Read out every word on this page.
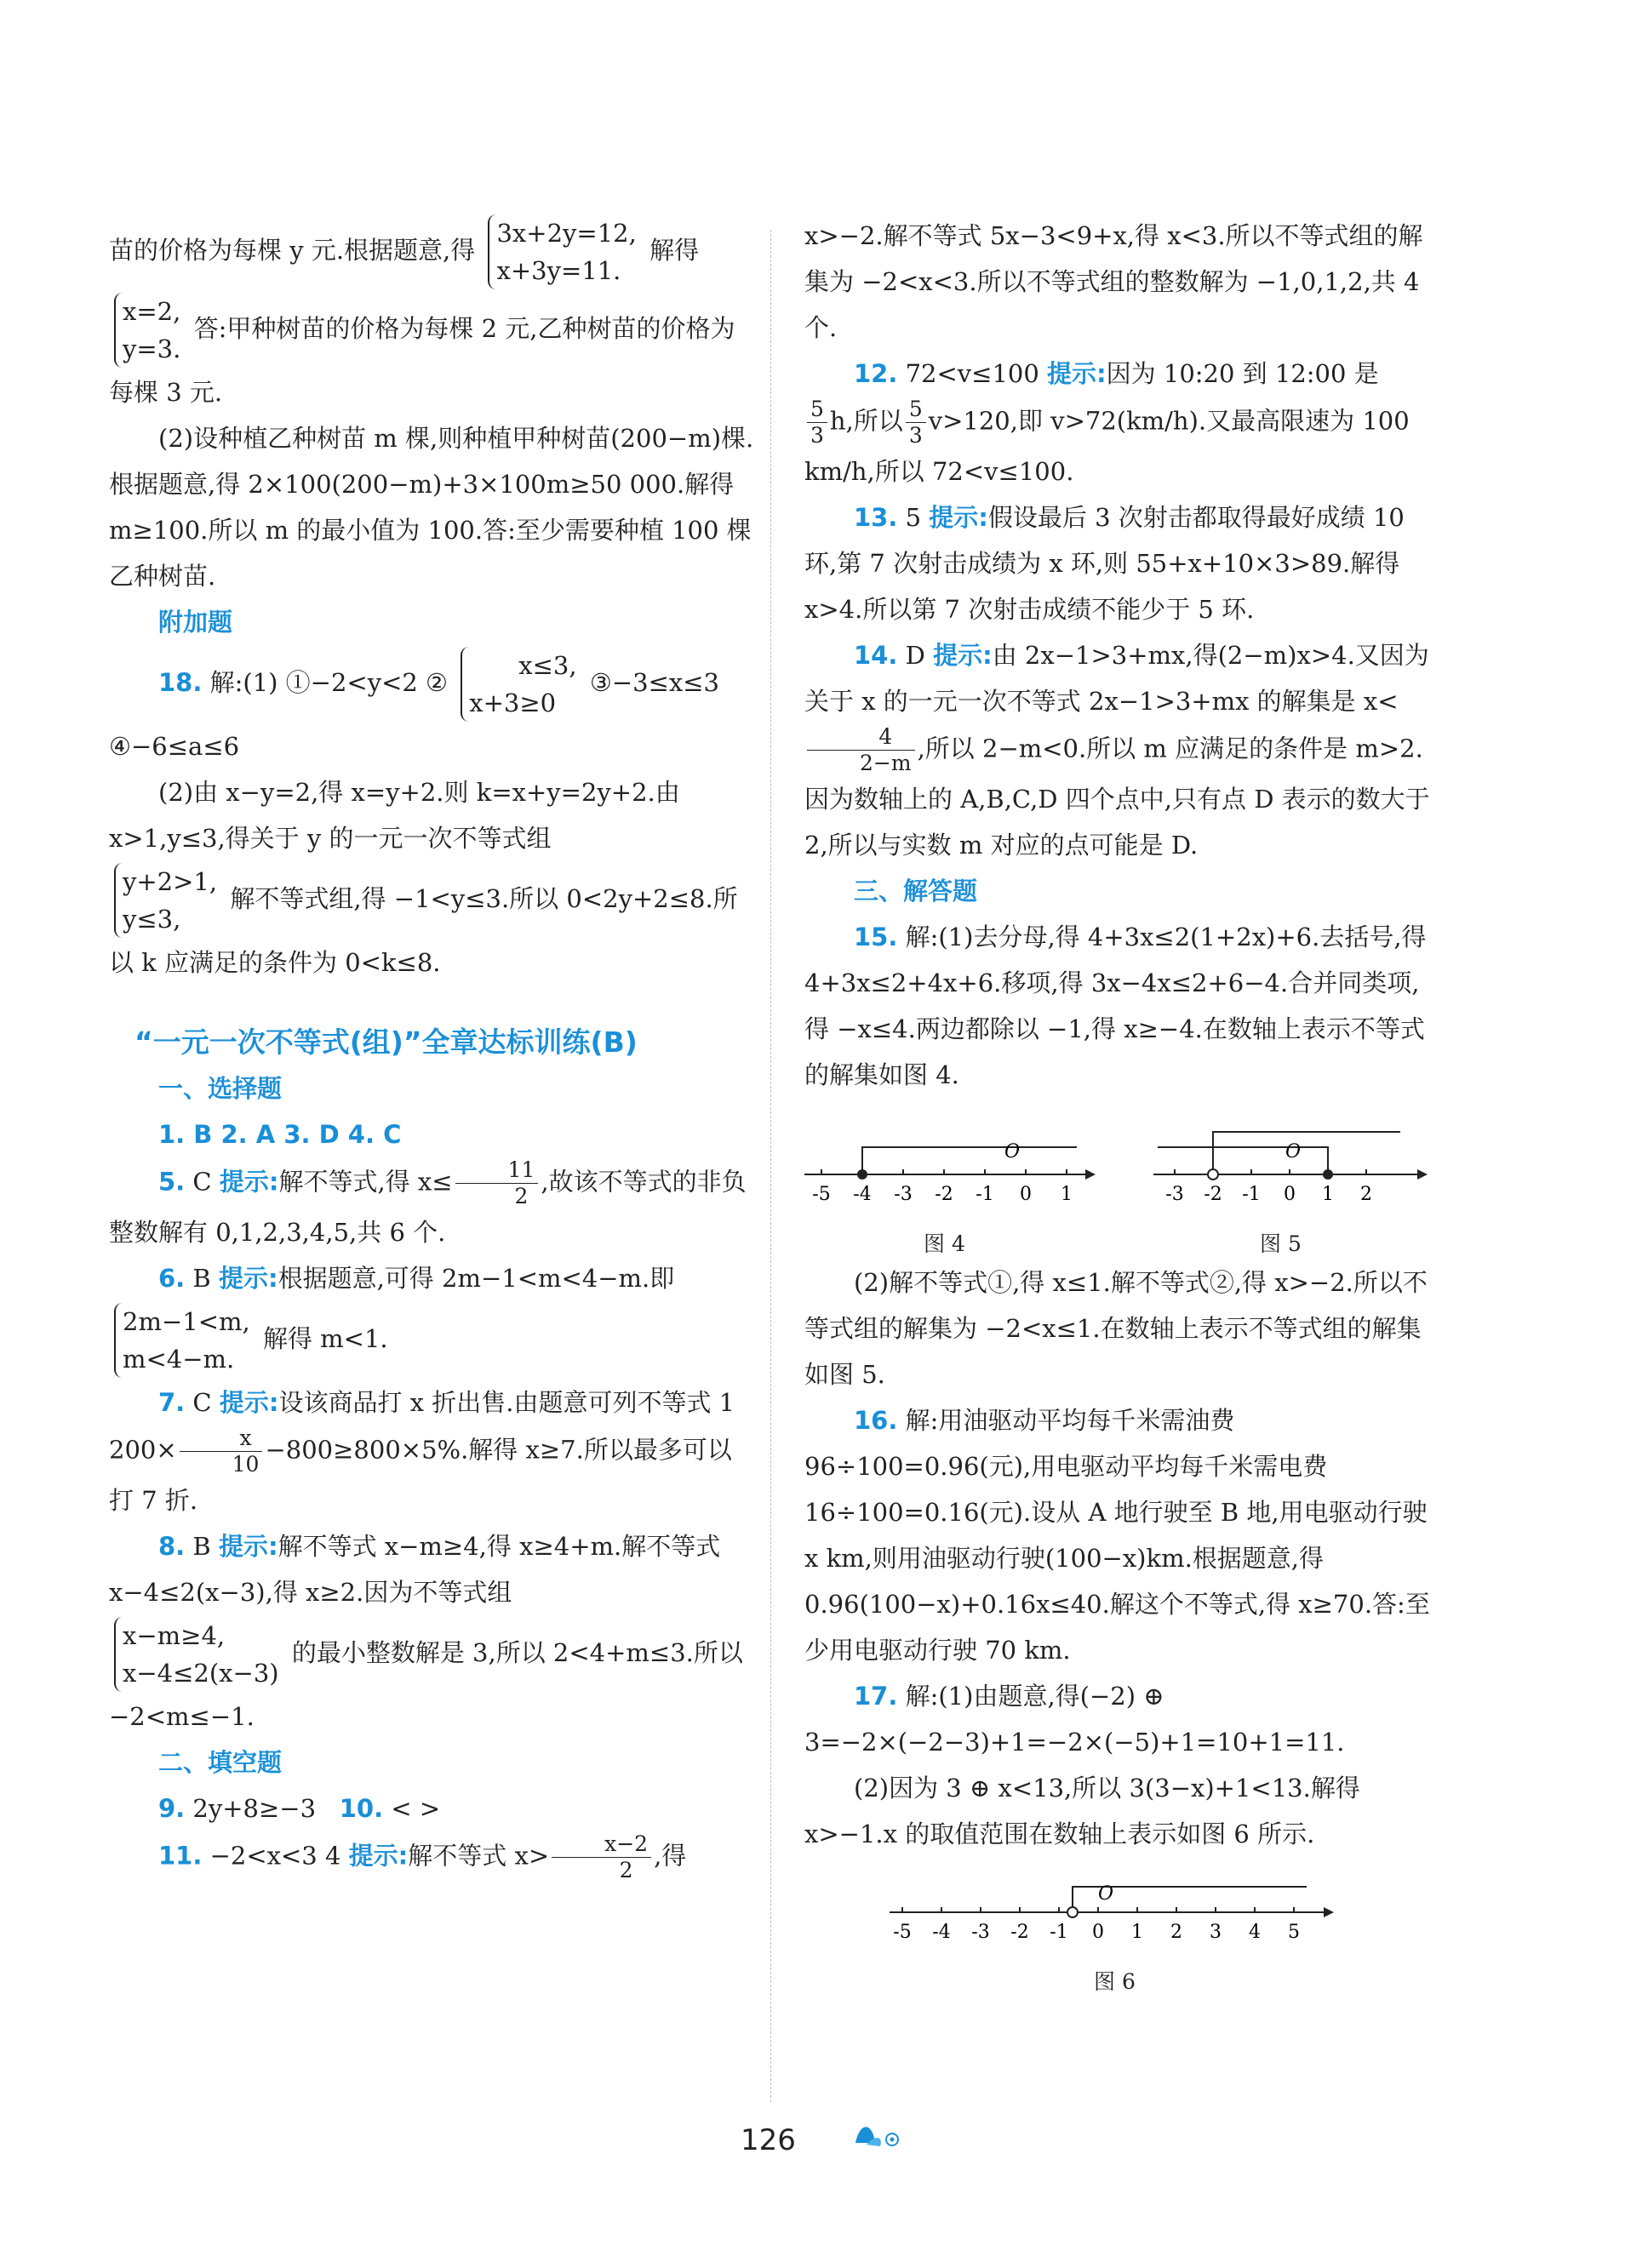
苗的价格为每棵 y 元.根据题意,得 3x+2y=12,
x+3y=11. 解得

x=2,
y=3. 答:甲种树苗的价格为每棵 2 元,乙种树苗的价格为每棵 3 元.

(2)设种植乙种树苗 m 棵,则种植甲种树苗(200−m)棵.根据题意,得 2×100(200−m)+3×100m≥50 000.解得 m≥100.所以 m 的最小值为 100.答:至少需要种植 100 棵乙种树苗.

附加题

18. 解:(1) ①−2<y<2 ② x≤3,
x+3≥0 ③−3≤x≤3 ④−6≤a≤6

(2)由 x−y=2,得 x=y+2.则 k=x+y=2y+2.由 x>1,y≤3,得关于 y 的一元一次不等式组

y+2>1,
y≤3, 解不等式组,得 −1<y≤3.所以 0<2y+2≤8.所以 k 应满足的条件为 0<k≤8.

“一元一次不等式(组)”全章达标训练(B)

一、选择题

1. B 2. A 3. D 4. C

5. C 提示:解不等式,得 $x\le \frac{11}{2}$ ,故该不等式的非负整数解有 0,1,2,3,4,5,共 6 个.

6. B 提示:根据题意,可得 2m−1<m<4−m.即

2m−1<m,
m<4−m. 解得 m<1.

7. C 提示:设该商品打 x 折出售.由题意可列不等式 1 $200\times \frac{x}{10} -800\ge 800\times 5\%$.解得 x≥7.所以最多可以打 7 折.

8. B 提示:解不等式 x−m≥4,得 x≥4+m.解不等式 x−4≤2(x−3),得 x≥2.因为不等式组

x−m≥4,
x−4≤2(x−3) 的最小整数解是 3,所以 2<4+m≤3.所以 −2<m≤−1.

二、填空题

9. 2y+8≥−3 10. < >

11. −2<x<3 4 提示:解不等式 $x> \frac{x-2}{2}$ ,得

x>−2.解不等式 5x−3<9+x,得 x<3.所以不等式组的解集为 −2<x<3.所以不等式组的整数解为 −1,0,1,2,共 4 个.

12. 72<v≤100 提示:因为 10:20 到 12:00 是

$\frac{5}{3} h$,所以 $\frac{5}{3} v>120$,即 v>72(km/h).又最高限速为 100 km/h,所以 72<v≤100.

13. 5 提示:假设最后 3 次射击都取得最好成绩 10 环,第 7 次射击成绩为 x 环,则 55+x+10×3>89.解得 x>4.所以第 7 次射击成绩不能少于 5 环.

14. D 提示:由 2x−1>3+mx,得(2−m)x>4.又因为关于 x 的一元一次不等式 2x−1>3+mx 的解集是 x<
$\frac{4}{2-m}$ ,所以 2−m<0.所以 m 应满足的条件是 m>2.因为数轴上的 A,B,C,D 四个点中,只有点 D 表示的数大于 2,所以与实数 m 对应的点可能是 D.

三、解答题

15. 解:(1)去分母,得 4+3x≤2(1+2x)+6.去括号,得 4+3x≤2+4x+6.移项,得 3x−4x≤2+6−4.合并同类项,得 −x≤4.两边都除以 −1,得 x≥−4.在数轴上表示不等式的解集如图 4.

-5 -4 -3 -2 -1 0 1
O
-3 -2 -1 0 1 2
O
图 4	图 5

(2)解不等式①,得 x≤1.解不等式②,得 x>−2.所以不等式组的解集为 −2<x≤1.在数轴上表示不等式组的解集如图 5.

16. 解:用油驱动平均每千米需油费 96÷100=0.96(元),用电驱动平均每千米需电费 16÷100=0.16(元).设从 A 地行驶至 B 地,用电驱动行驶 x km,则用油驱动行驶(100−x)km.根据题意,得 0.96(100−x)+0.16x≤40.解这个不等式,得 x≥70.答:至少用电驱动行驶 70 km.

17. 解:(1)由题意,得(−2) ⊕ 3=−2×(−2−3)+1=−2×(−5)+1=10+1=11.

(2)因为 3 ⊕ x<13,所以 3(3−x)+1<13.解得 x>−1.x 的取值范围在数轴上表示如图 6 所示.

-5 -4 -3 -2 -1 0 1 2 3 4 5
O
图 6
126
